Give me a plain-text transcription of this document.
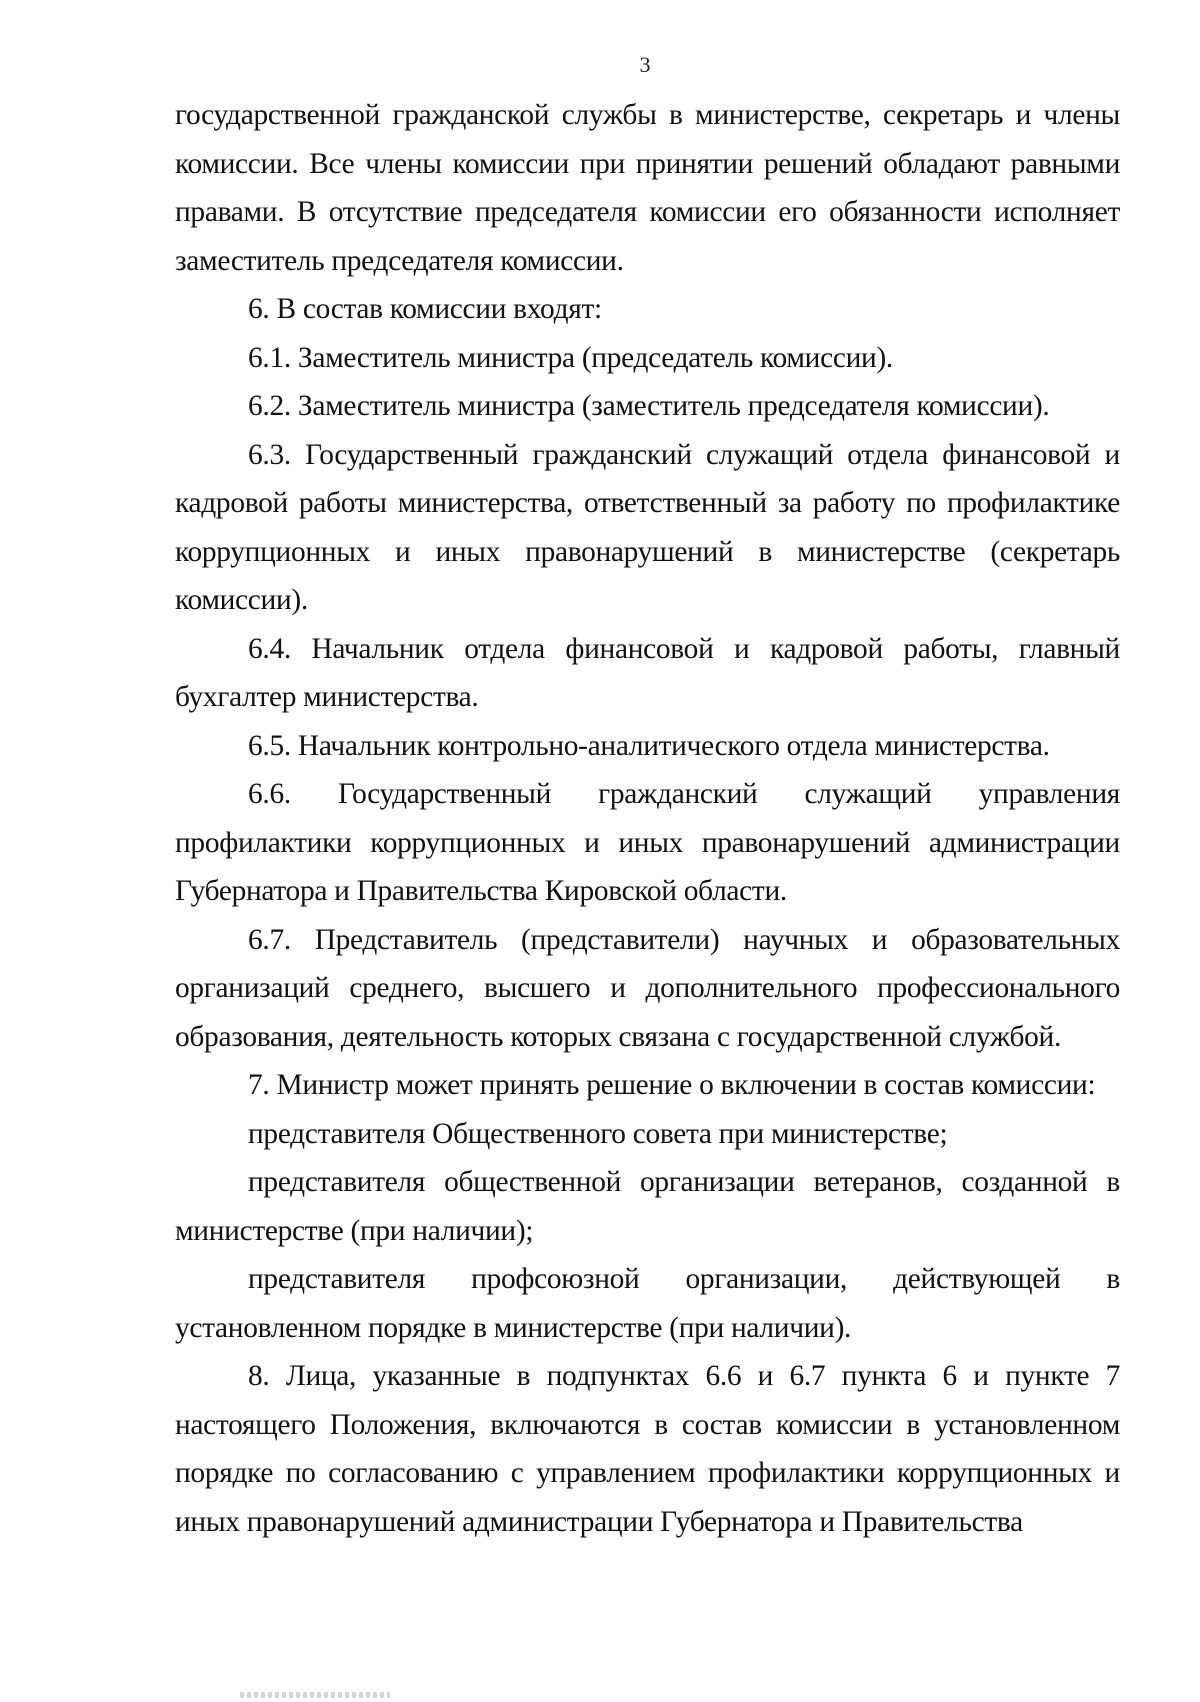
3

государственной гражданской службы в министерстве, секретарь и члены комиссии. Все члены комиссии при принятии решений обладают равными правами. В отсутствие председателя комиссии его обязанности исполняет заместитель председателя комиссии.

6. В состав комиссии входят:

6.1. Заместитель министра (председатель комиссии).

6.2. Заместитель министра (заместитель председателя комиссии).

6.3. Государственный гражданский служащий отдела финансовой и кадровой работы министерства, ответственный за работу по профилактике коррупционных и иных правонарушений в министерстве (секретарь комиссии).

6.4. Начальник отдела финансовой и кадровой работы, главный бухгалтер министерства.

6.5. Начальник контрольно-аналитического отдела министерства.

6.6. Государственный гражданский служащий управления профилактики коррупционных и иных правонарушений администрации Губернатора и Правительства Кировской области.

6.7. Представитель (представители) научных и образовательных организаций среднего, высшего и дополнительного профессионального образования, деятельность которых связана с государственной службой.

7. Министр может принять решение о включении в состав комиссии:

представителя Общественного совета при министерстве;

представителя общественной организации ветеранов, созданной в министерстве (при наличии);

представителя профсоюзной организации, действующей в установленном порядке в министерстве (при наличии).

8. Лица, указанные в подпунктах 6.6 и 6.7 пункта 6 и пункте 7 настоящего Положения, включаются в состав комиссии в установленном порядке по согласованию с управлением профилактики коррупционных и иных правонарушений администрации Губернатора и Правительства
